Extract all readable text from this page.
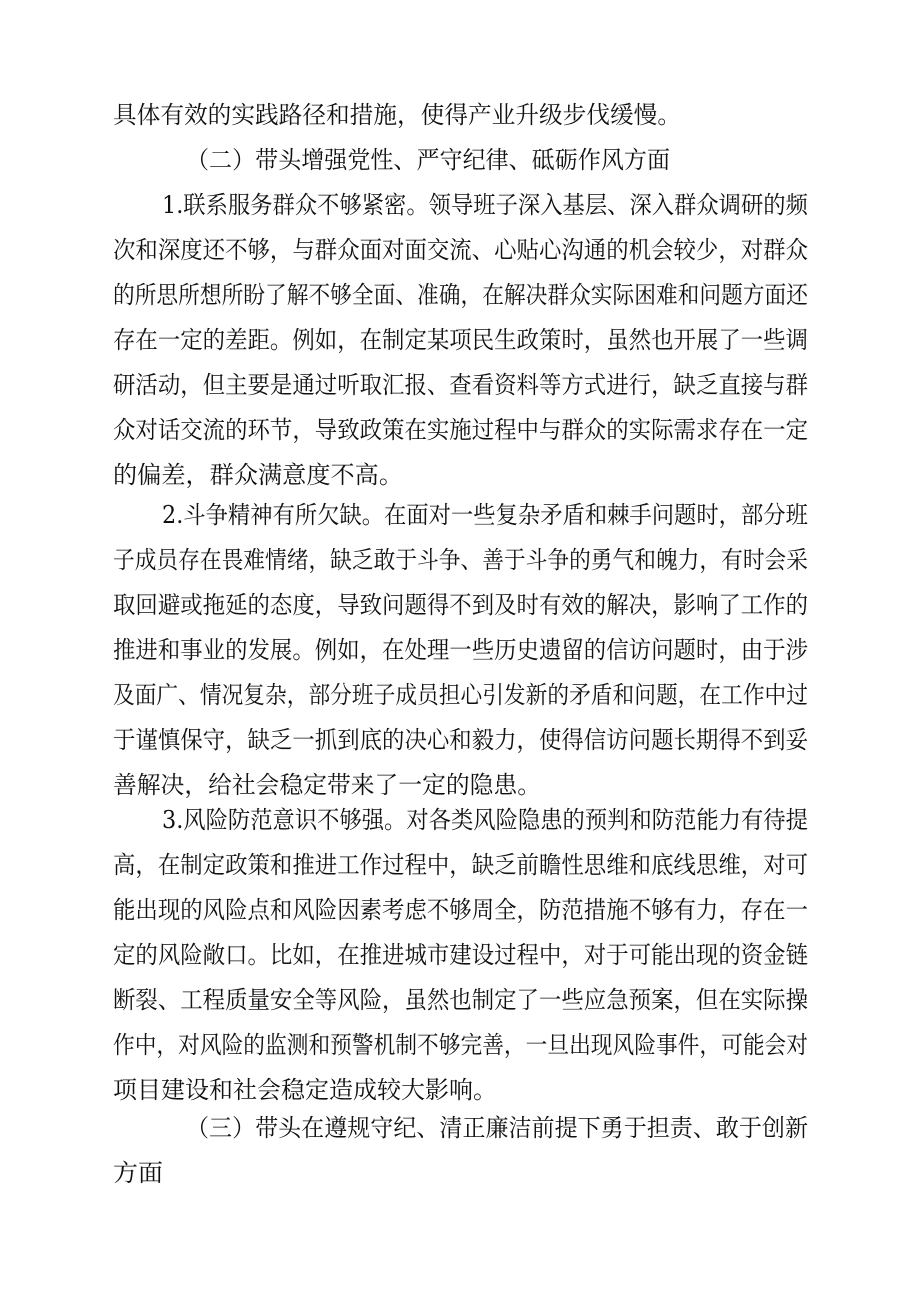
具体有效的实践路径和措施，使得产业升级步伐缓慢。
（二）带头增强党性、严守纪律、砥砺作风方面
1.联系服务群众不够紧密。领导班子深入基层、深入群众调研的频
次和深度还不够，与群众面对面交流、心贴心沟通的机会较少，对群众
的所思所想所盼了解不够全面、准确，在解决群众实际困难和问题方面还
存在一定的差距。例如，在制定某项民生政策时，虽然也开展了一些调
研活动，但主要是通过听取汇报、查看资料等方式进行，缺乏直接与群
众对话交流的环节，导致政策在实施过程中与群众的实际需求存在一定
的偏差，群众满意度不高。
2.斗争精神有所欠缺。在面对一些复杂矛盾和棘手问题时，部分班
子成员存在畏难情绪，缺乏敢于斗争、善于斗争的勇气和魄力，有时会采
取回避或拖延的态度，导致问题得不到及时有效的解决，影响了工作的
推进和事业的发展。例如，在处理一些历史遗留的信访问题时，由于涉
及面广、情况复杂，部分班子成员担心引发新的矛盾和问题，在工作中过
于谨慎保守，缺乏一抓到底的决心和毅力，使得信访问题长期得不到妥
善解决，给社会稳定带来了一定的隐患。
3.风险防范意识不够强。对各类风险隐患的预判和防范能力有待提
高，在制定政策和推进工作过程中，缺乏前瞻性思维和底线思维，对可
能出现的风险点和风险因素考虑不够周全，防范措施不够有力，存在一
定的风险敞口。比如，在推进城市建设过程中，对于可能出现的资金链
断裂、工程质量安全等风险，虽然也制定了一些应急预案，但在实际操
作中，对风险的监测和预警机制不够完善，一旦出现风险事件，可能会对
项目建设和社会稳定造成较大影响。
（三）带头在遵规守纪、清正廉洁前提下勇于担责、敢于创新
方面
